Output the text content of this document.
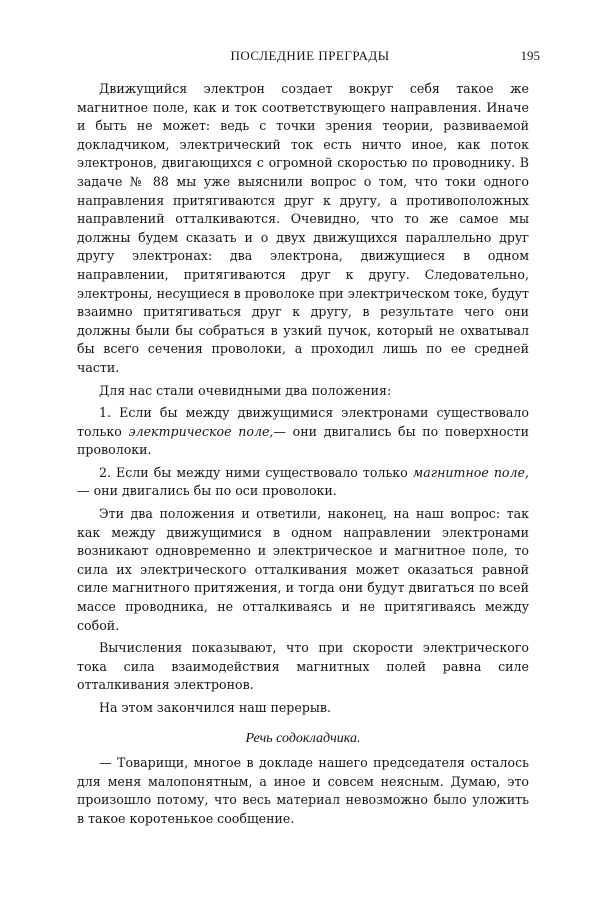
ПОСЛЕДНИЕ ПРЕГРАДЫ	195

Движущийся электрон создает вокруг себя такое же магнитное поле, как и ток соответствующего направления. Иначе и быть не может: ведь с точки зрения теории, развиваемой докладчиком, электрический ток есть ничто иное, как поток электронов, двигающихся с огромной скоростью по проводнику. В задаче № 88 мы уже выяснили вопрос о том, что токи одного направления притягиваются друг к другу, а противоположных направлений отталкиваются. Очевидно, что то же самое мы должны будем сказать и о двух движущихся параллельно друг другу электронах: два электрона, движущиеся в одном направлении, притягиваются друг к другу. Следовательно, электроны, несущиеся в проволоке при электрическом токе, будут взаимно притягиваться друг к другу, в результате чего они должны были бы собраться в узкий пучок, который не охватывал бы всего сечения проволоки, а проходил лишь по ее средней части.

Для нас стали очевидными два положения:

1. Если бы между движущимися электронами существовало только электрическое поле,— они двигались бы по поверхности проволоки.

2. Если бы между ними существовало только магнитное поле,— они двигались бы по оси проволоки.

Эти два положения и ответили, наконец, на наш вопрос: так как между движущимися в одном направлении электронами возникают одновременно и электрическое и магнитное поле, то сила их электрического отталкивания может оказаться равной силе магнитного притяжения, и тогда они будут двигаться по всей массе проводника, не отталкиваясь и не притягиваясь между собой.

Вычисления показывают, что при скорости электрического тока сила взаимодействия магнитных полей равна силе отталкивания электронов.

На этом закончился наш перерыв.

Речь содокладчика.

— Товарищи, многое в докладе нашего председателя осталось для меня малопонятным, а иное и совсем неясным. Думаю, это произошло потому, что весь материал невозможно было уложить в такое коротенькое сообщение.
